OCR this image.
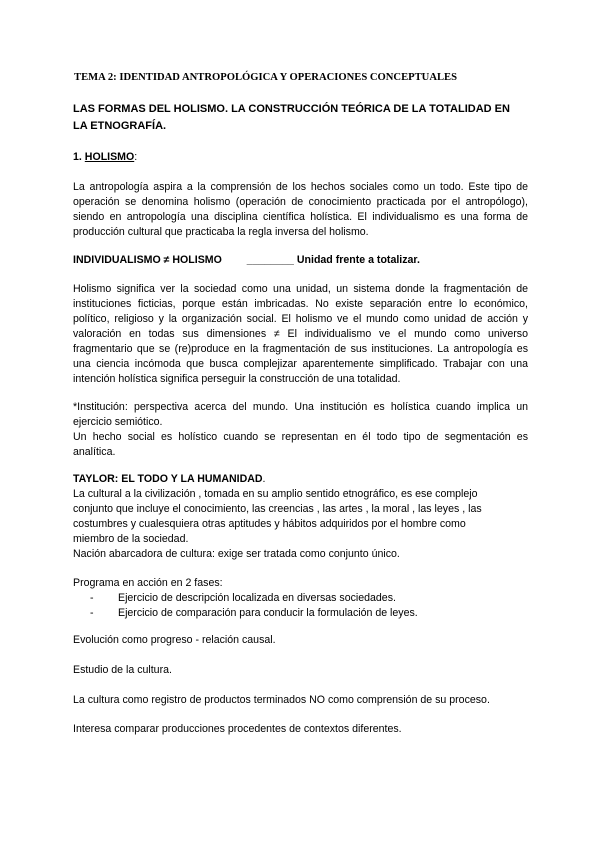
TEMA 2: IDENTIDAD ANTROPOLÓGICA Y OPERACIONES CONCEPTUALES
LAS FORMAS DEL HOLISMO. LA CONSTRUCCIÓN TEÓRICA DE LA TOTALIDAD EN
LA ETNOGRAFÍA.
1. HOLISMO:

La antropología aspira a la comprensión de los hechos sociales como un todo. Este tipo de operación se denomina holismo (operación de conocimiento practicada por el antropólogo), siendo en antropología una disciplina científica holística. El individualismo es una forma de producción cultural que practicaba la regla inversa del holismo.

INDIVIDUALISMO ≠ HOLISMO ________ Unidad frente a totalizar.

Holismo significa ver la sociedad como una unidad, un sistema donde la fragmentación de instituciones ficticias, porque están imbricadas. No existe separación entre lo económico, político, religioso y la organización social. El holismo ve el mundo como unidad de acción y valoración en todas sus dimensiones ≠ El individualismo ve el mundo como universo fragmentario que se (re)produce en la fragmentación de sus instituciones. La antropología es una ciencia incómoda que busca complejizar aparentemente simplificado. Trabajar con una intención holística significa perseguir la construcción de una totalidad.

*Institución: perspectiva acerca del mundo. Una institución es holística cuando implica un ejercicio semiótico.

Un hecho social es holístico cuando se representan en él todo tipo de segmentación es analítica.

TAYLOR: EL TODO Y LA HUMANIDAD.
La cultural a la civilización , tomada en su amplio sentido etnográfico, es ese complejo
conjunto que incluye el conocimiento, las creencias , las artes , la moral , las leyes , las
costumbres y cualesquiera otras aptitudes y hábitos adquiridos por el hombre como
miembro de la sociedad.
Nación abarcadora de cultura: exige ser tratada como conjunto único.
Programa en acción en 2 fases:
- Ejercicio de descripción localizada en diversas sociedades.
- Ejercicio de comparación para conducir la formulación de leyes.
Evolución como progreso - relación causal.
Estudio de la cultura.
La cultura como registro de productos terminados NO como comprensión de su proceso.
Interesa comparar producciones procedentes de contextos diferentes.
